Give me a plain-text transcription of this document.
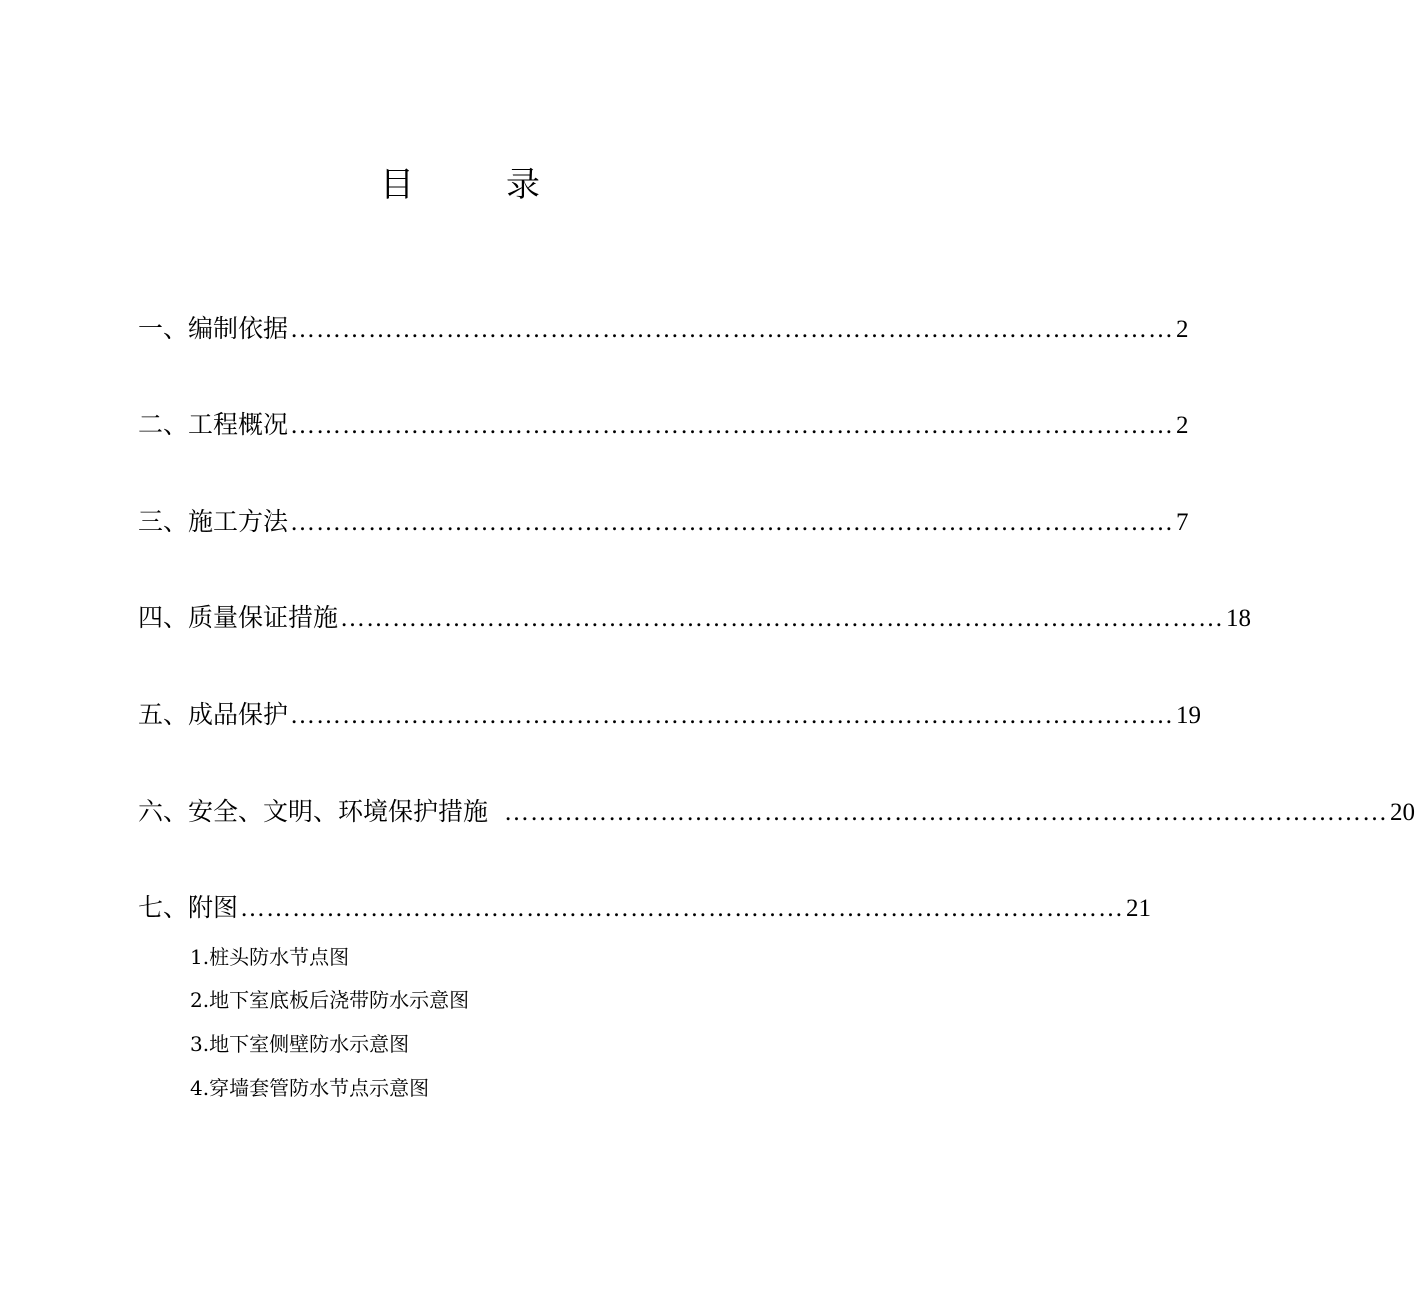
目	录
一、编制依据 ………………………………………………………………………………………… 2
二、工程概况 ………………………………………………………………………………………… 2
三、施工方法 ………………………………………………………………………………………… 7
四、质量保证措施 ………………………………………………………………………………………… 18
五、成品保护 ………………………………………………………………………………………… 19
六、安全、文明、环境保护措施 ………………………………………………………………………………………… 20
七、附图 ………………………………………………………………………………………… 21
1.桩头防水节点图
2.地下室底板后浇带防水示意图
3.地下室侧壁防水示意图
4.穿墙套管防水节点示意图
